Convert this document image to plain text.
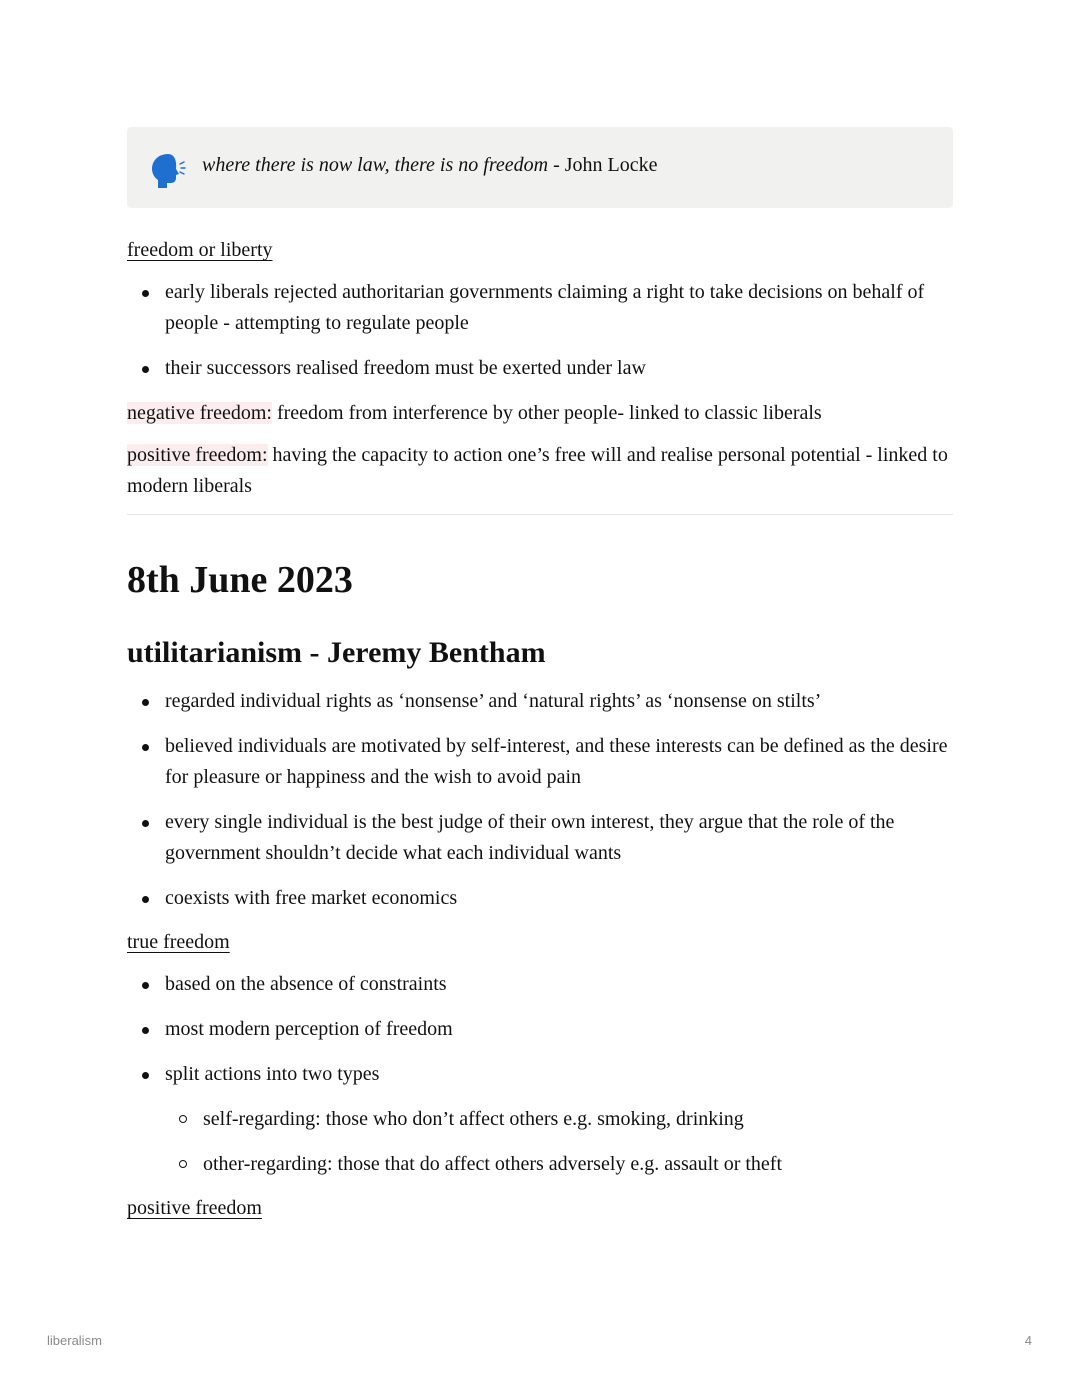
where there is now law, there is no freedom - John Locke
freedom or liberty
early liberals rejected authoritarian governments claiming a right to take decisions on behalf of people - attempting to regulate people
their successors realised freedom must be exerted under law

negative freedom: freedom from interference by other people- linked to classic liberals

positive freedom: having the capacity to action one’s free will and realise personal potential - linked to modern liberals

8th June 2023
utilitarianism - Jeremy Bentham
regarded individual rights as ‘nonsense’ and ‘natural rights’ as ‘nonsense on stilts’
believed individuals are motivated by self-interest, and these interests can be defined as the desire for pleasure or happiness and the wish to avoid pain
every single individual is the best judge of their own interest, they argue that the role of the government shouldn’t decide what each individual wants
coexists with free market economics
true freedom
based on the absence of constraints
most modern perception of freedom
split actions into two types
self-regarding: those who don’t affect others e.g. smoking, drinking
other-regarding: those that do affect others adversely e.g. assault or theft
positive freedom
liberalism	4
